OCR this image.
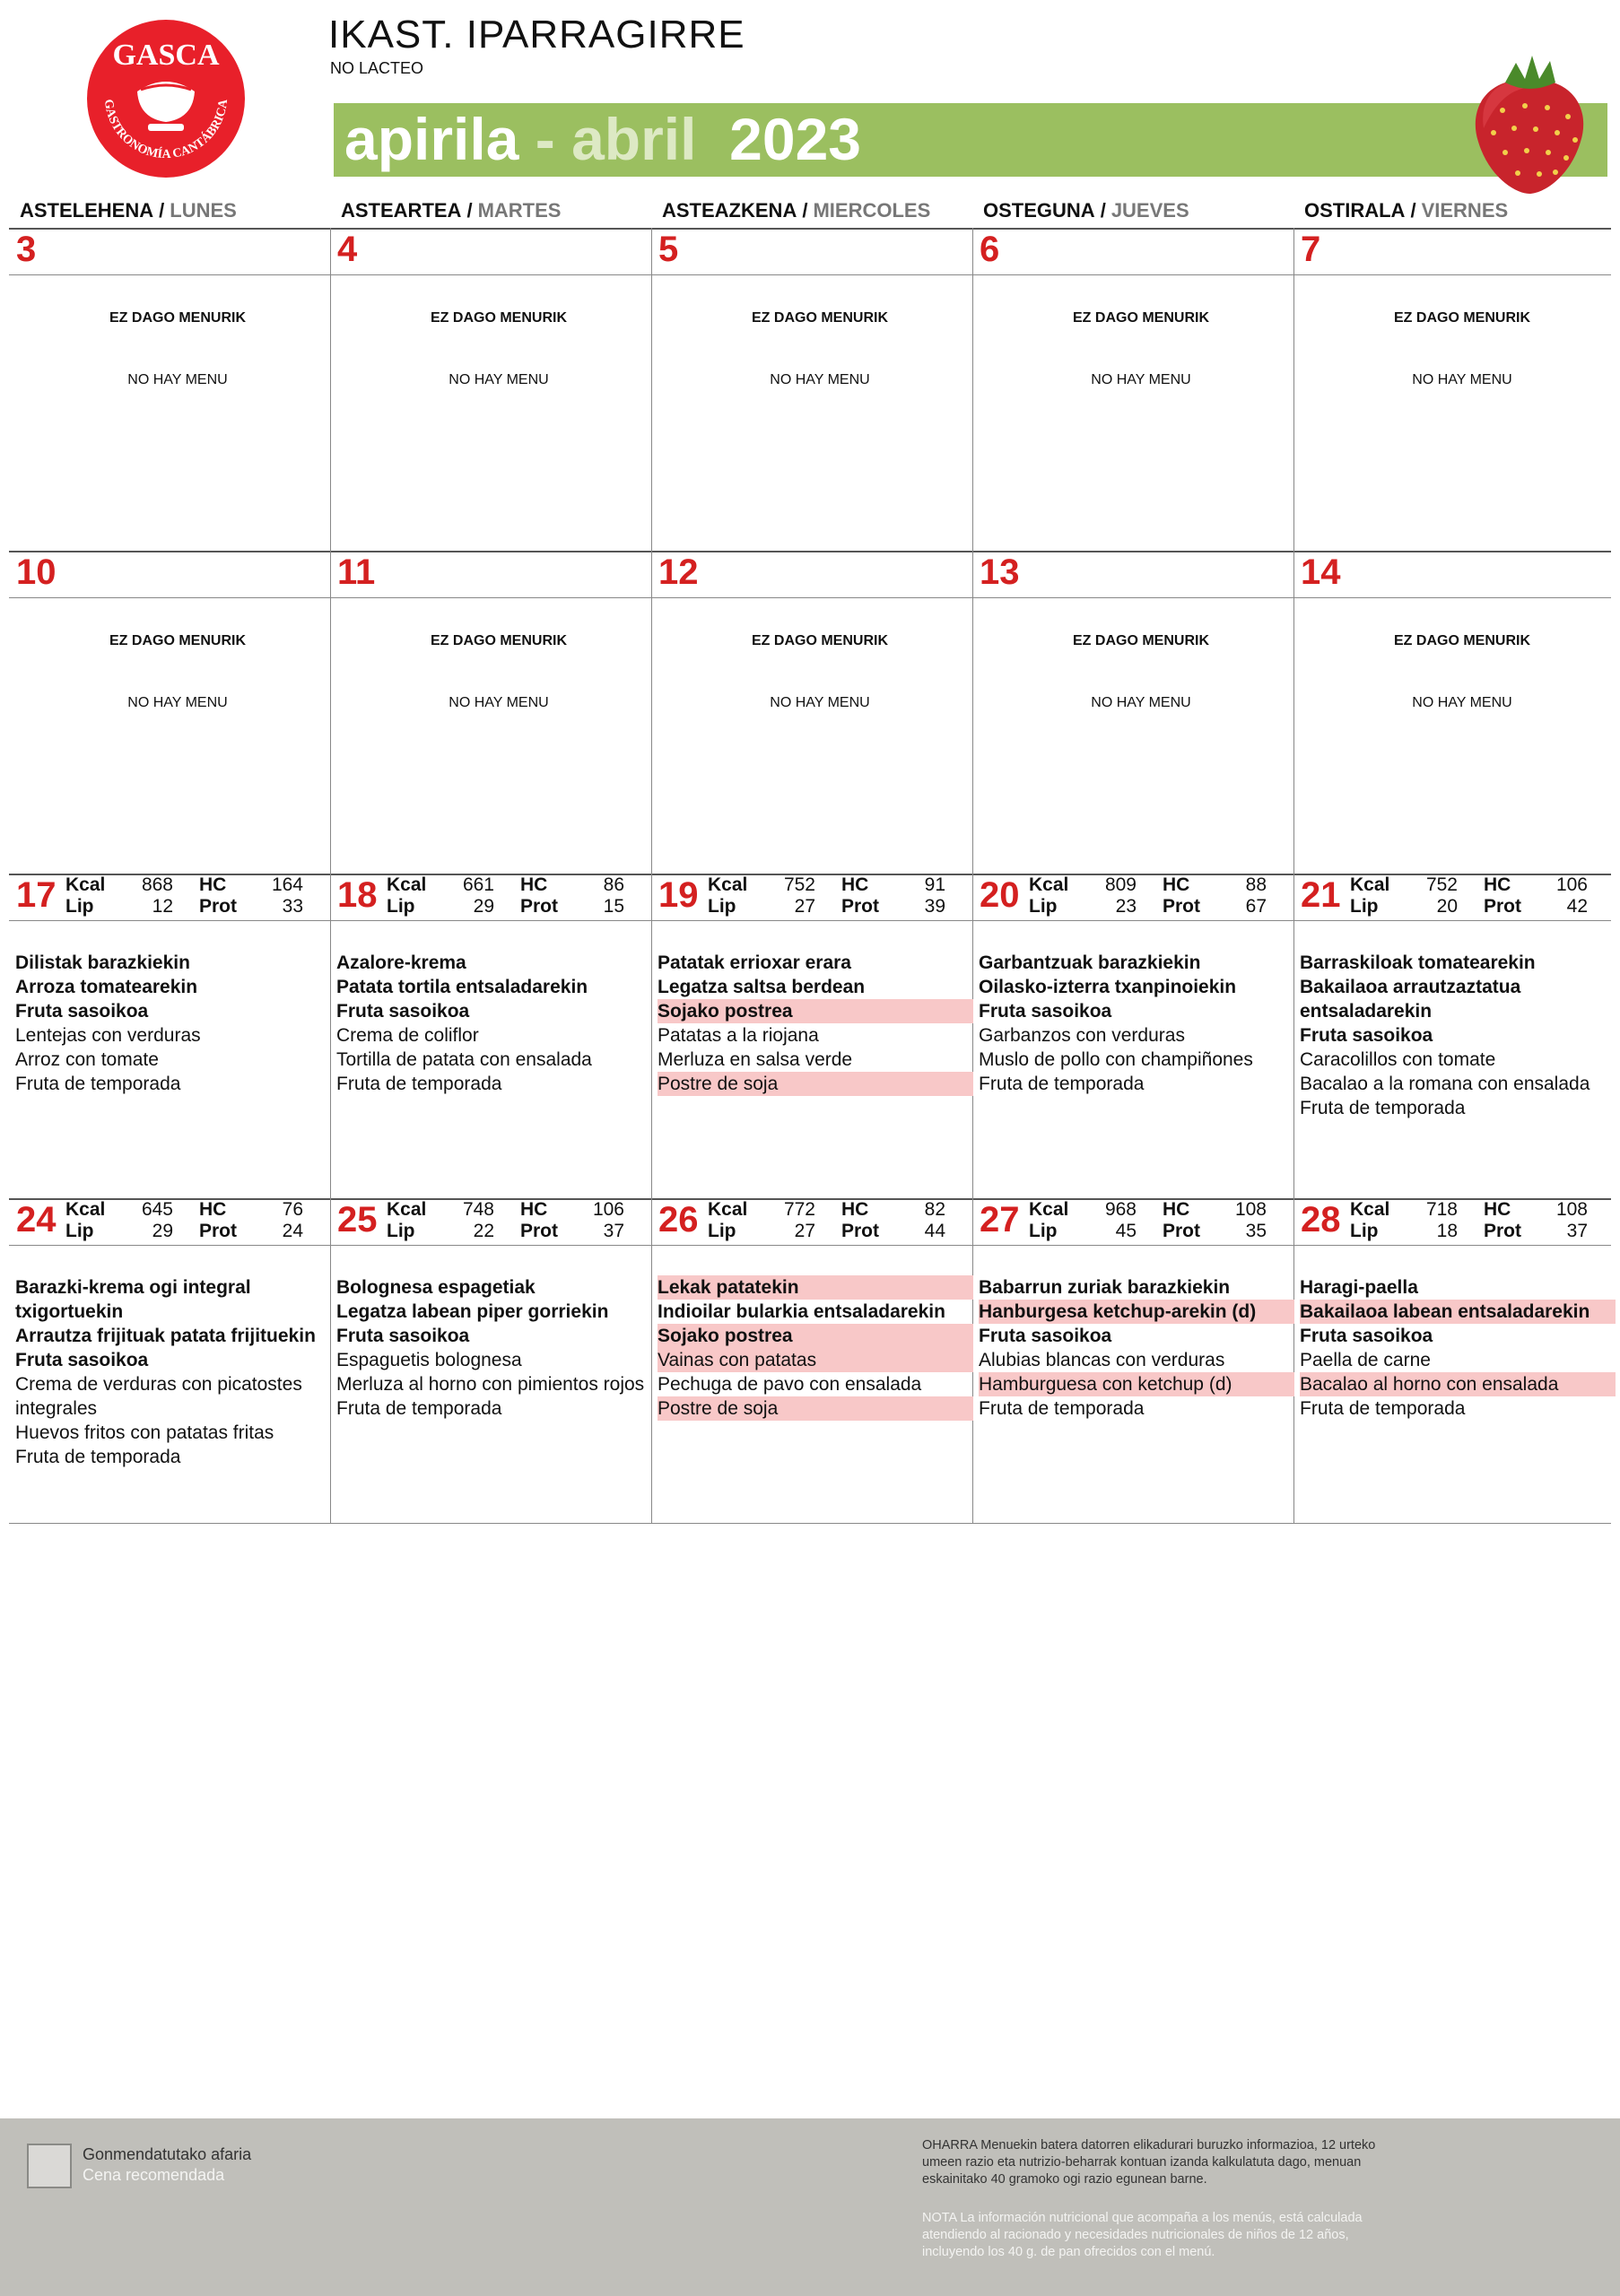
GASCA
GASTRONOMÍA CANTÁBRICA
IKAST. IPARRAGIRRE
NO LACTEO
apirila - abril 2023
ASTELEHENA / LUNES	ASTEARTEA / MARTES	ASTEAZKENA / MIERCOLES	OSTEGUNA / JUEVES	OSTIRALA / VIERNES
3
EZ DAGO MENURIK
NO HAY MENU
4
EZ DAGO MENURIK
NO HAY MENU
5
EZ DAGO MENURIK
NO HAY MENU
6
EZ DAGO MENURIK
NO HAY MENU
7
EZ DAGO MENURIK
NO HAY MENU
10
EZ DAGO MENURIK
NO HAY MENU
11
EZ DAGO MENURIK
NO HAY MENU
12
EZ DAGO MENURIK
NO HAY MENU
13
EZ DAGO MENURIK
NO HAY MENU
14
EZ DAGO MENURIK
NO HAY MENU
17 Kcal	868 HC	164
Lip	12 Prot	33
Dilistak barazkiekin
Arroza tomatearekin
Fruta sasoikoa
Lentejas con verduras
Arroz con tomate
Fruta de temporada
18 Kcal	661 HC	86
Lip	29 Prot	15
Azalore-krema
Patata tortila entsaladarekin
Fruta sasoikoa
Crema de coliflor
Tortilla de patata con ensalada
Fruta de temporada
19 Kcal	752 HC	91
Lip	27 Prot	39
Patatak errioxar erara
Legatza saltsa berdean
Sojako postrea
Patatas a la riojana
Merluza en salsa verde
Postre de soja
20 Kcal	809 HC	88
Lip	23 Prot	67
Garbantzuak barazkiekin
Oilasko-izterra txanpinoiekin
Fruta sasoikoa
Garbanzos con verduras
Muslo de pollo con champiñones
Fruta de temporada
21 Kcal	752 HC	106
Lip	20 Prot	42
Barraskiloak tomatearekin
Bakailaoa arrautzaztatua entsaladarekin
Fruta sasoikoa
Caracolillos con tomate
Bacalao a la romana con ensalada
Fruta de temporada
24 Kcal	645 HC	76
Lip	29 Prot	24
Barazki-krema ogi integral txigortuekin
Arrautza frijituak patata frijituekin
Fruta sasoikoa
Crema de verduras con picatostes integrales
Huevos fritos con patatas fritas
Fruta de temporada
25 Kcal	748 HC	106
Lip	22 Prot	37
Bolognesa espagetiak
Legatza labean piper gorriekin
Fruta sasoikoa
Espaguetis bolognesa
Merluza al horno con pimientos rojos
Fruta de temporada
26 Kcal	772 HC	82
Lip	27 Prot	44
Lekak patatekin
Indioilar bularkia entsaladarekin
Sojako postrea
Vainas con patatas
Pechuga de pavo con ensalada
Postre de soja
27 Kcal	968 HC	108
Lip	45 Prot	35
Babarrun zuriak barazkiekin
Hanburgesa ketchup-arekin (d)
Fruta sasoikoa
Alubias blancas con verduras
Hamburguesa con ketchup (d)
Fruta de temporada
28 Kcal	718 HC	108
Lip	18 Prot	37
Haragi-paella
Bakailaoa labean entsaladarekin
Fruta sasoikoa
Paella de carne
Bacalao al horno con ensalada
Fruta de temporada
Gonmendatutako afaria
Cena recomendada
OHARRA Menuekin batera datorren elikadurari buruzko informazioa, 12 urteko umeen razio eta nutrizio-beharrak kontuan izanda kalkulatuta dago, menuan eskainitako 40 gramoko ogi razio egunean barne.
NOTA La información nutricional que acompaña a los menús, está calculada atendiendo al racionado y necesidades nutricionales de niños de 12 años, incluyendo los 40 g. de pan ofrecidos con el menú.
